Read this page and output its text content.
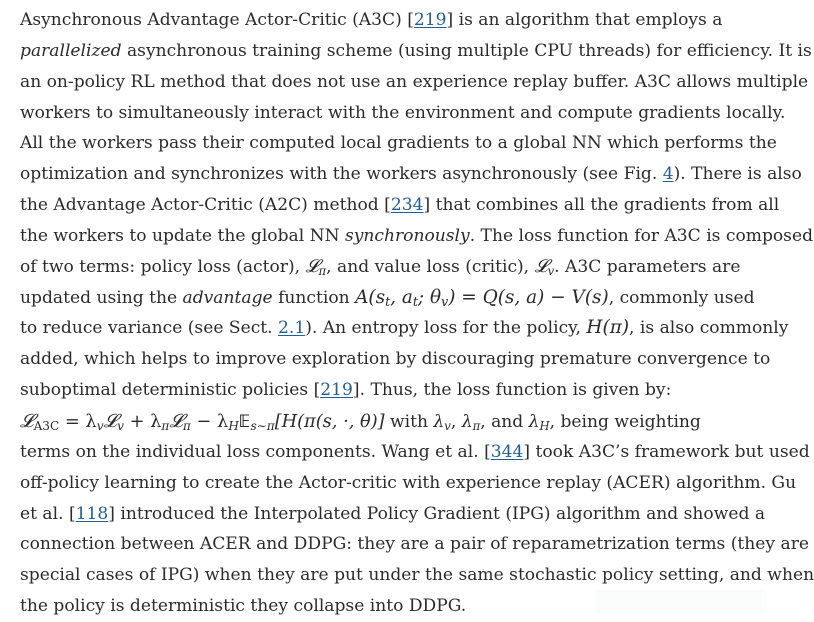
Asynchronous Advantage Actor-Critic (A3C) [219] is an algorithm that employs a
parallelized asynchronous training scheme (using multiple CPU threads) for efficiency. It is
an on-policy RL method that does not use an experience replay buffer. A3C allows multiple
workers to simultaneously interact with the environment and compute gradients locally.
All the workers pass their computed local gradients to a global NN which performs the
optimization and synchronizes with the workers asynchronously (see Fig. 4). There is also
the Advantage Actor-Critic (A2C) method [234] that combines all the gradients from all
the workers to update the global NN synchronously. The loss function for A3C is composed
of two terms: policy loss (actor), 𝓛$_\pi$, and value loss (critic), 𝓛$_v$. A3C parameters are
updated using the advantage function $A(s_t$, $a_t$; $\theta_v) = Q(s$, a) − V(s), commonly used
to reduce variance (see Sect. 2.1). An entropy loss for the policy, H(π), is also commonly
added, which helps to improve exploration by discouraging premature convergence to
suboptimal deterministic policies [219]. Thus, the loss function is given by:
𝓛$_{A3C}$ = $\lambda_v𝓛_v$ + $\lambda_\pi 𝓛_\pi$ − $\lambda_H𝔼_{s\sim\pi}[H(\pi(s$, ·, θ)] with $\lambda_v$, $\lambda_\pi$, and $\lambda_H$, being weighting
terms on the individual loss components. Wang et al. [344] took A3C’s framework but used
off-policy learning to create the Actor-critic with experience replay (ACER) algorithm. Gu
et al. [118] introduced the Interpolated Policy Gradient (IPG) algorithm and showed a
connection between ACER and DDPG: they are a pair of reparametrization terms (they are
special cases of IPG) when they are put under the same stochastic policy setting, and when
the policy is deterministic they collapse into DDPG.
